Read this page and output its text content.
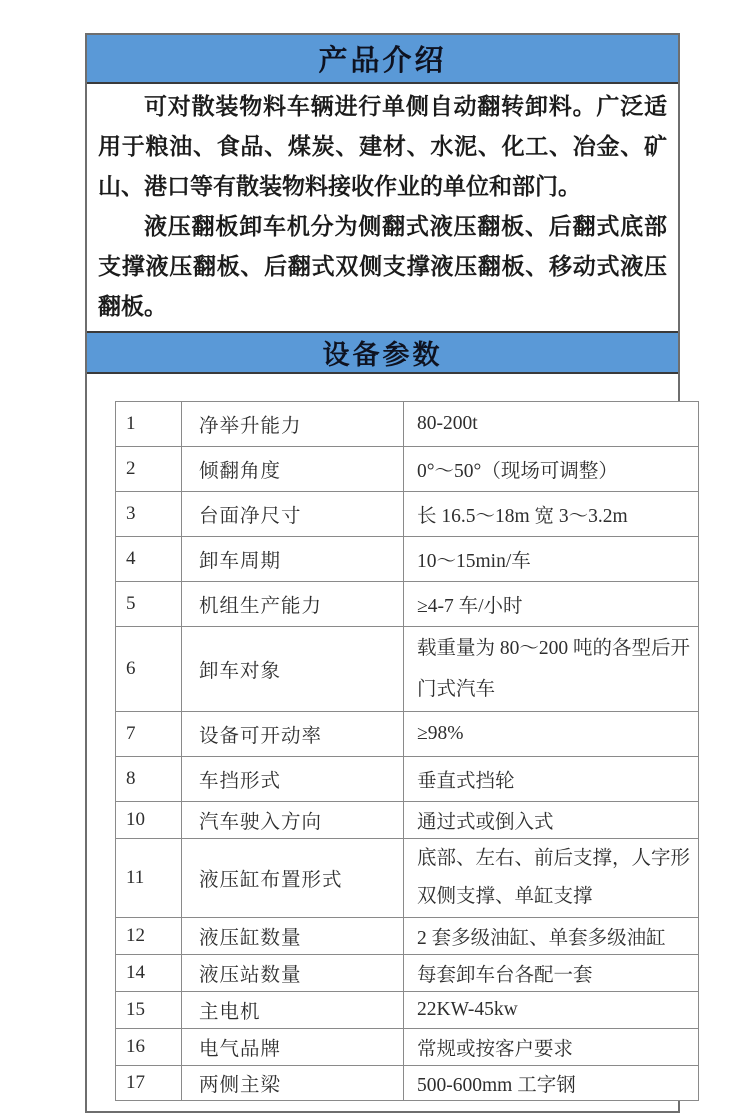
产品介绍

可对散装物料车辆进行单侧自动翻转卸料。广泛适用于粮油、食品、煤炭、建材、水泥、化工、冶金、矿山、港口等有散装物料接收作业的单位和部门。

液压翻板卸车机分为侧翻式液压翻板、后翻式底部支撑液压翻板、后翻式双侧支撑液压翻板、移动式液压翻板。

设备参数
1	净举升能力	80-200t
2	倾翻角度	0°～50°（现场可调整）
3	台面净尺寸	长 16.5～18m 宽 3～3.2m
4	卸车周期	10～15min/车
5	机组生产能力	≥4-7 车/小时
6	卸车对象	载重量为 80～200 吨的各型后开门式汽车
7	设备可开动率	≥98%
8	车挡形式	垂直式挡轮
10	汽车驶入方向	通过式或倒入式
11	液压缸布置形式	底部、左右、前后支撑，人字形双侧支撑、单缸支撑
12	液压缸数量	2 套多级油缸、单套多级油缸
14	液压站数量	每套卸车台各配一套
15	主电机	22KW-45kw
16	电气品牌	常规或按客户要求
17	两侧主梁	500-600mm 工字钢
